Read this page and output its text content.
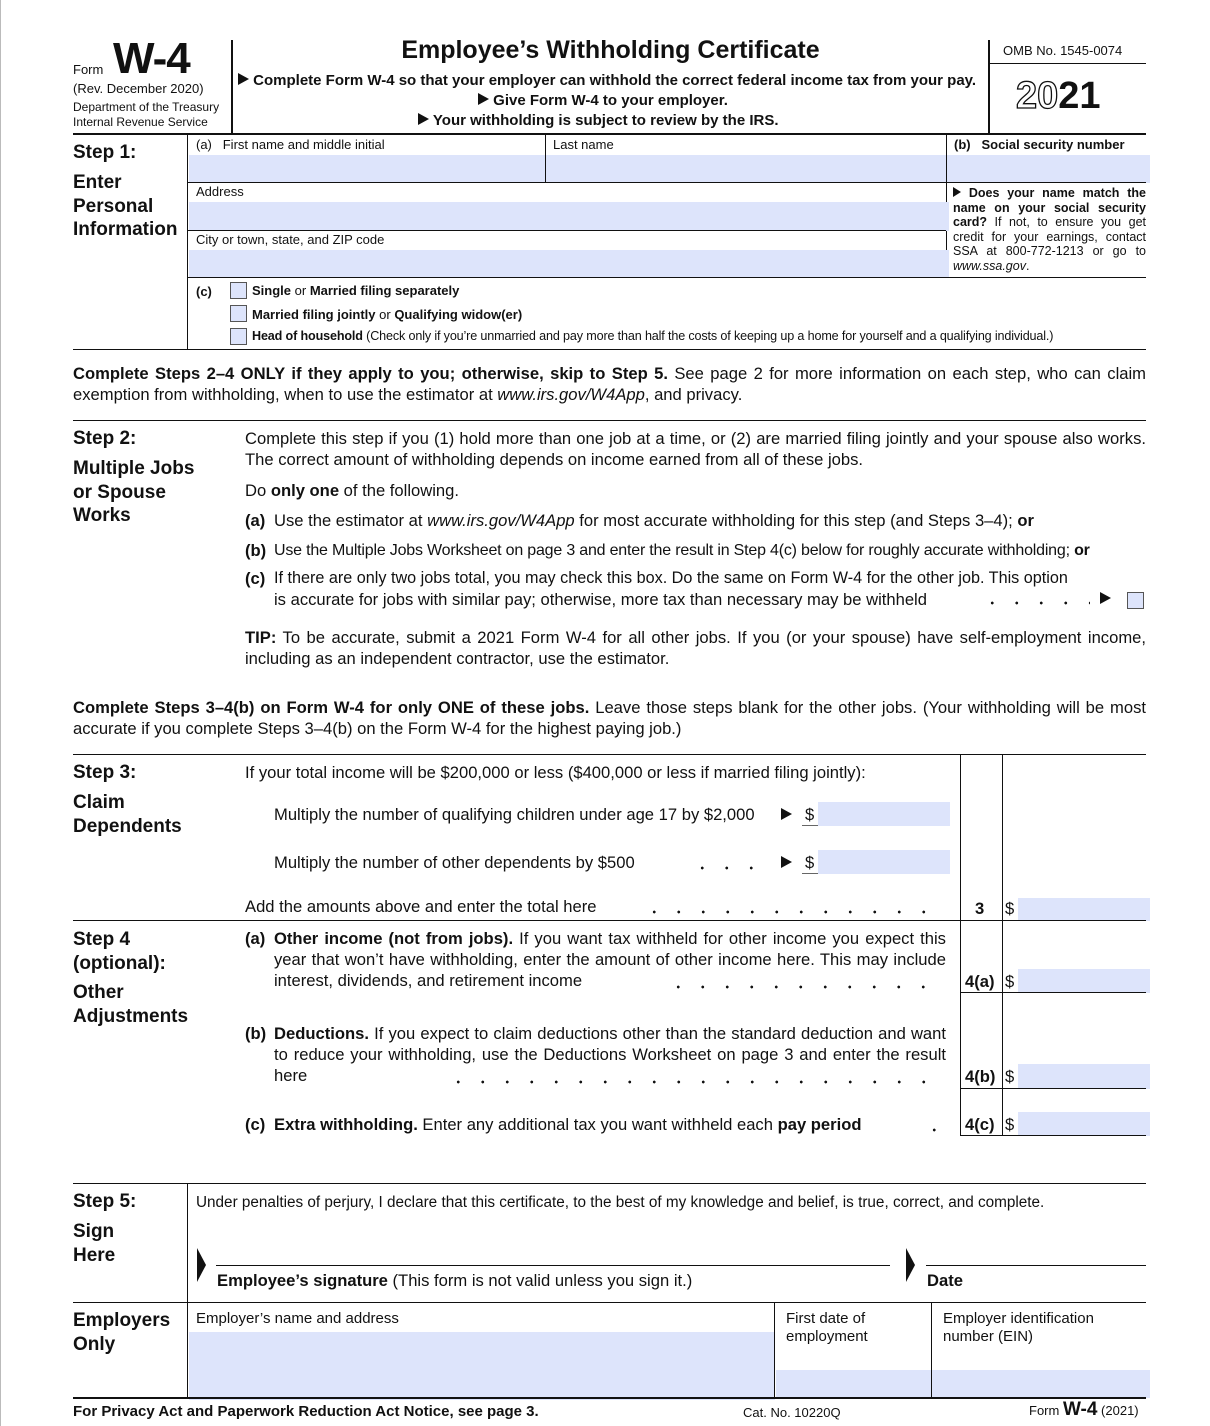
Form W-4
(Rev. December 2020)
Department of the Treasury
Internal Revenue Service
Employee’s Withholding Certificate
Complete Form W-4 so that your employer can withhold the correct federal income tax from your pay.
Give Form W-4 to your employer.
Your withholding is subject to review by the IRS.
OMB No. 1545-0074
2021
Step 1:
Enter
Personal
Information
(a) First name and middle initial	Last name	(b) Social security number
Address
City or town, state, and ZIP code
Does your name match the name on your social security card? If not, to ensure you get credit for your earnings, contact SSA at 800-772-1213 or go to www.ssa.gov.
(c)	Single or Married filing separately
Married filing jointly or Qualifying widow(er)
Head of household (Check only if you’re unmarried and pay more than half the costs of keeping up a home for yourself and a qualifying individual.)
Complete Steps 2–4 ONLY if they apply to you; otherwise, skip to Step 5. See page 2 for more information on each step, who can claim exemption from withholding, when to use the estimator at www.irs.gov/W4App, and privacy.
Step 2:
Multiple Jobs
or Spouse
Works
Complete this step if you (1) hold more than one job at a time, or (2) are married filing jointly and your spouse also works. The correct amount of withholding depends on income earned from all of these jobs.
Do only one of the following.
(a) Use the estimator at www.irs.gov/W4App for most accurate withholding for this step (and Steps 3–4); or
(b) Use the Multiple Jobs Worksheet on page 3 and enter the result in Step 4(c) below for roughly accurate withholding; or
(c) If there are only two jobs total, you may check this box. Do the same on Form W-4 for the other job. This option
is accurate for jobs with similar pay; otherwise, more tax than necessary may be withheld
TIP: To be accurate, submit a 2021 Form W-4 for all other jobs. If you (or your spouse) have self-employment income, including as an independent contractor, use the estimator.
Complete Steps 3–4(b) on Form W-4 for only ONE of these jobs. Leave those steps blank for the other jobs. (Your withholding will be most accurate if you complete Steps 3–4(b) on the Form W-4 for the highest paying job.)
Step 3:
Claim
Dependents
If your total income will be $200,000 or less ($400,000 or less if married filing jointly):
Multiply the number of qualifying children under age 17 by $2,000	$
Multiply the number of other dependents by $500	$
Add the amounts above and enter the total here	3 $
Step 4
(optional):
Other
Adjustments
(a) Other income (not from jobs). If you want tax withheld for other income you expect this year that won’t have withholding, enter the amount of other income here. This may include interest, dividends, and retirement income	4(a) $
(b) Deductions. If you expect to claim deductions other than the standard deduction and want to reduce your withholding, use the Deductions Worksheet on page 3 and enter the result here	4(b) $
(c) Extra withholding. Enter any additional tax you want withheld each pay period	4(c) $
Step 5:
Sign
Here
Under penalties of perjury, I declare that this certificate, to the best of my knowledge and belief, is true, correct, and complete.
Employee’s signature (This form is not valid unless you sign it.)	Date
Employers
Only
Employer’s name and address	First date of
employment
Employer identification
number (EIN)
For Privacy Act and Paperwork Reduction Act Notice, see page 3.	Cat. No. 10220Q	Form W-4 (2021)
